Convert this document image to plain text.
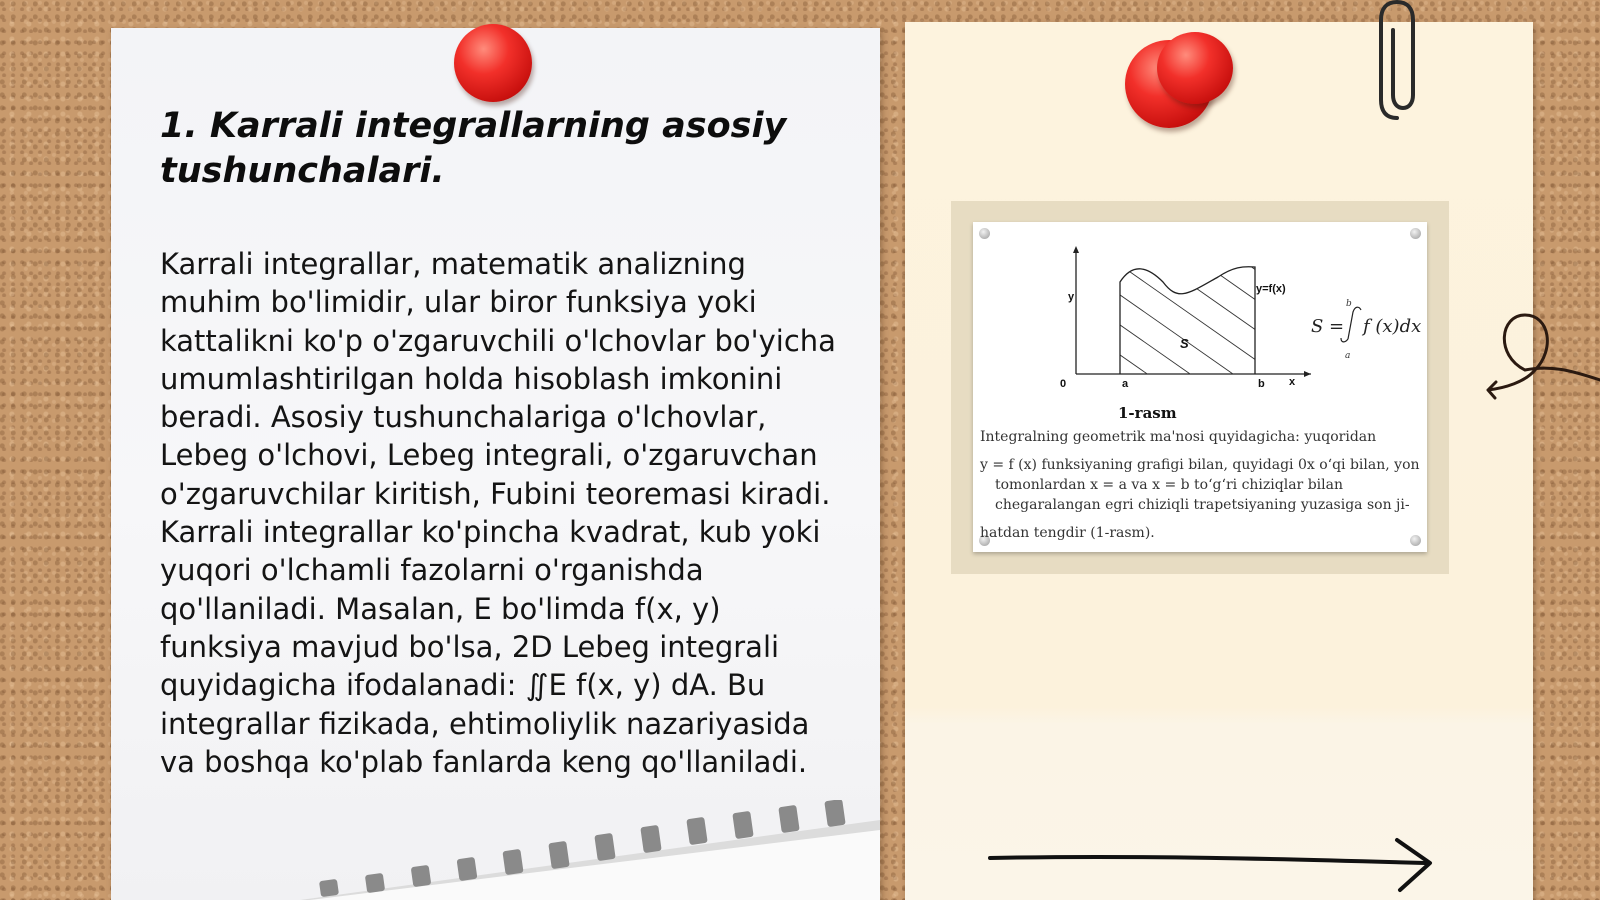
1. Karrali integrallarning asosiy tushunchalari.

Karrali integrallar, matematik analizning muhim bo'limidir, ular biror funksiya yoki kattalikni ko'p o'zgaruvchili o'lchovlar bo'yicha umumlashtirilgan holda hisoblash imkonini beradi. Asosiy tushunchalariga o'lchovlar, Lebeg o'lchovi, Lebeg integrali, o'zgaruvchan o'zgaruvchilar kiritish, Fubini teoremasi kiradi. Karrali integrallar ko'pincha kvadrat, kub yoki yuqori o'lchamli fazolarni o'rganishda qo'llaniladi. Masalan, E bo'limda f(x, y) funksiya mavjud bo'lsa, 2D Lebeg integrali quyidagicha ifodalanadi: ∬E f(x, y) dA. Bu integrallar fizikada, ehtimoliylik nazariyasida va boshqa ko'plab fanlarda keng qo'llaniladi.

y
0	a	b x
y=f(x)
S
S =
b
a
f (x)dx
1-rasm
Integralning geometrik ma'nosi quyidagicha: yuqoridan
y = f (x) funksiyaning grafigi bilan, quyidagi 0x o‘qi bilan, yon
tomonlardan x = a va x = b to‘g‘ri chiziqlar bilan
chegaralangan egri chiziqli trapetsiyaning yuzasiga son ji-
hatdan tengdir (1-rasm).
